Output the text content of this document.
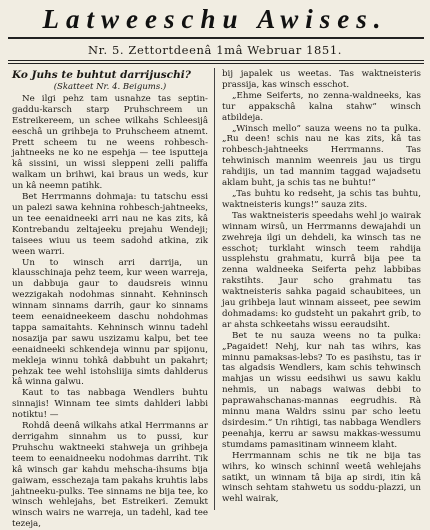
Latweeschu Awises.
Nr. 5. Zettortdeenâ 1mâ Webruar 1851.
Ko Juhs te buhtut darrijuschi?
(Skatteet Nr. 4. Beigums.)
Ne ilgi pehz tam usnahze tas septin-gaddu-karsch starp Pruhschreem un Estreikereem, un schee wilkahs Schleesijâ eeschâ un grihbeja to Pruhscheem atnemt. Prett scheem tu ne weens rohbesch-jahtneeks ne ko ne espehja — tee isputteja kâ sissini, un wissi sleppeni zelli paliffa walkam un brihwi, kai braus un weds, kur un kâ neemn patihk.
Bet Herrmanns dohmaja: tu tatschu essi un palezi sawa kehnina rohbesch-jahtneeks, un tee eenaidneeki arri nau ne kas zits, kâ Kontrebandu zeltajeeku prejahu Wendeji; taisees wiuu us teem sadohd atkina, zik ween warri.
Un to winsch arri darrija, un klausschinaja pehz teem, kur ween warreja, un dabbuja gaur to daudsreis winnu wezzigakah nodohmas sinnaht. Kehninsch winnam sinnams darrih, gaur ko sinnams teem eenaidneekeem daschu nohdohmas tappa samaitahts. Kehninsch winnu tadehl nosazija par sawu uszizamu kalpu, bet tee eenaidneeki schkendeja winnu par spijonu, mekleja winnu tohkâ dabbuht un pakahrt; pehzak tee wehl istohsliija simts dahlderus kâ winna galwu.
Kaut to tas nabbaga Wendlers buhtu sinnajis! Winnam tee simts dahlderi labbi notiktu! —
Rohdâ deenâ wilkahs atkal Herrmanns ar derrigahm sinnahm us to pussi, kur Pruhschu waktneeki stahweja un grihbeja teem to eenaidneeku nodohmas darriht. Tik kâ winsch gar kahdu mehscha-ihsums bija gaiwam, esschezaja tam pakahs kruhtis labs jahtneeku-pulks. Tee sinnams ne bija tee, ko winsch wehlejahs, bet Estreikeri. Zemukt winsch wairs ne warreja, un tadehl, kad tee tezeja,
bij japalek us weetas. Tas waktneisteris prassija, kas winsch esschot.
„Ehme Seiferts, no zenna-waldneeks, kas tur appakschâ kalna stahw” winsch atbildeja.
„Winsch mello” sauza weens no ta pulka. „Ru deen! schis nau ne kas zits, kâ tas rohbesch-jahtneeks Herrmanns. Tas tehwinisch mannim weenreis jau us tirgu rahdijis, un tad mannim taggad wajadsetu aklam buht, ja schis tas ne buhtu!”
„Tas buhtu ko redseht, ja schis tas buhtu, waktneisteris kungs!” sauza zits.
Tas waktneisteris speedahs wehl jo wairak winnam wirsû, un Herrmanns dewajahdi un zwehreja ilgi un dehdeli, ka winsch tas ne esschot; turklaht winsch teem rahdija ussplehstu grahmatu, kurrâ bija pee ta zenna waldneeka Seiferta pehz labbibas rakstihts. Jaur scho grahmatu tas waktneisteris sahka pagaid schaubitees, un jau grihbeja laut winnam aisseet, pee sewim dohmadams: ko gudsteht un pakahrt grib, to ar ahsta schkeetahs wissu eeraudsiht.
Bet te nu sauza weens no ta pulka: „Pagaidet! Nehj, kur nah tas wihrs, kas minnu pamaksas-lebs? To es pasihstu, tas ir tas algadsis Wendlers, kam schis tehwinsch mahjas un wissu eedsihwi us sawu kaklu nehmis, un nabags waiwas debbi to paprawahschanas-mannas eegrudhis. Rà minnu mana Waldrs ssinu par scho leetu dsirdesim.” Un rihtigi, tas nabbaga Wendlers peenahja, kerru ar sawsu makkas-wessumu stumdams pamasitinam winneem klaht.
Herrmannam schis ne tik ne bija tas wihrs, ko winsch schinnî weetâ wehlejahs satikt, un winnam tâ bija ap sirdi, itin kâ winsch sehtam stahwetu us soddu-plazzi, un wehl wairak,
